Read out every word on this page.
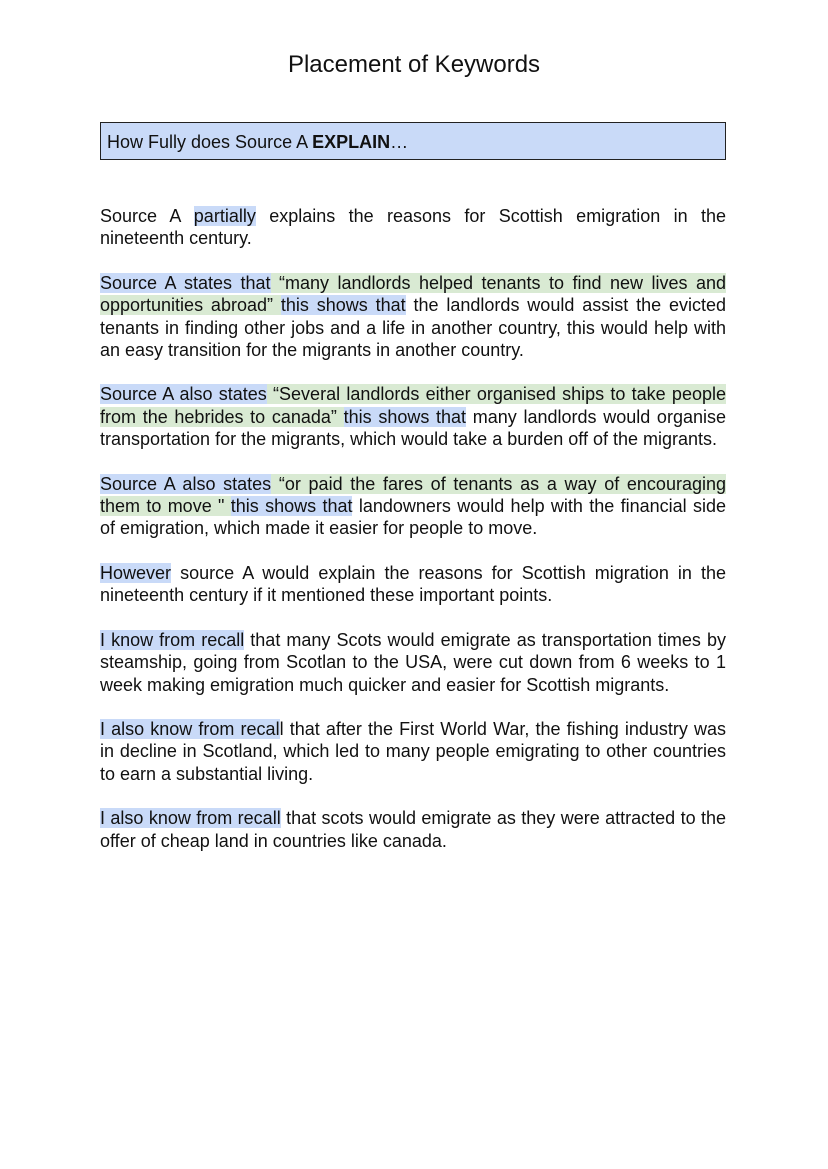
Placement of Keywords
How Fully does Source A EXPLAIN…

Source A partially explains the reasons for Scottish emigration in the nineteenth century.

Source A states that “many landlords helped tenants to find new lives and opportunities abroad” this shows that the landlords would assist the evicted tenants in finding other jobs and a life in another country, this would help with an easy transition for the migrants in another country.

Source A also states “Several landlords either organised ships to take people from the hebrides to canada” this shows that many landlords would organise transportation for the migrants, which would take a burden off of the migrants.

Source A also states “or paid the fares of tenants as a way of encouraging them to move " this shows that landowners would help with the financial side of emigration, which made it easier for people to move.

However source A would explain the reasons for Scottish migration in the nineteenth century if it mentioned these important points.

I know from recall that many Scots would emigrate as transportation times by steamship, going from Scotlan to the USA, were cut down from 6 weeks to 1 week making emigration much quicker and easier for Scottish migrants.

I also know from recall that after the First World War, the fishing industry was in decline in Scotland, which led to many people emigrating to other countries to earn a substantial living.

I also know from recall that scots would emigrate as they were attracted to the offer of cheap land in countries like canada.
